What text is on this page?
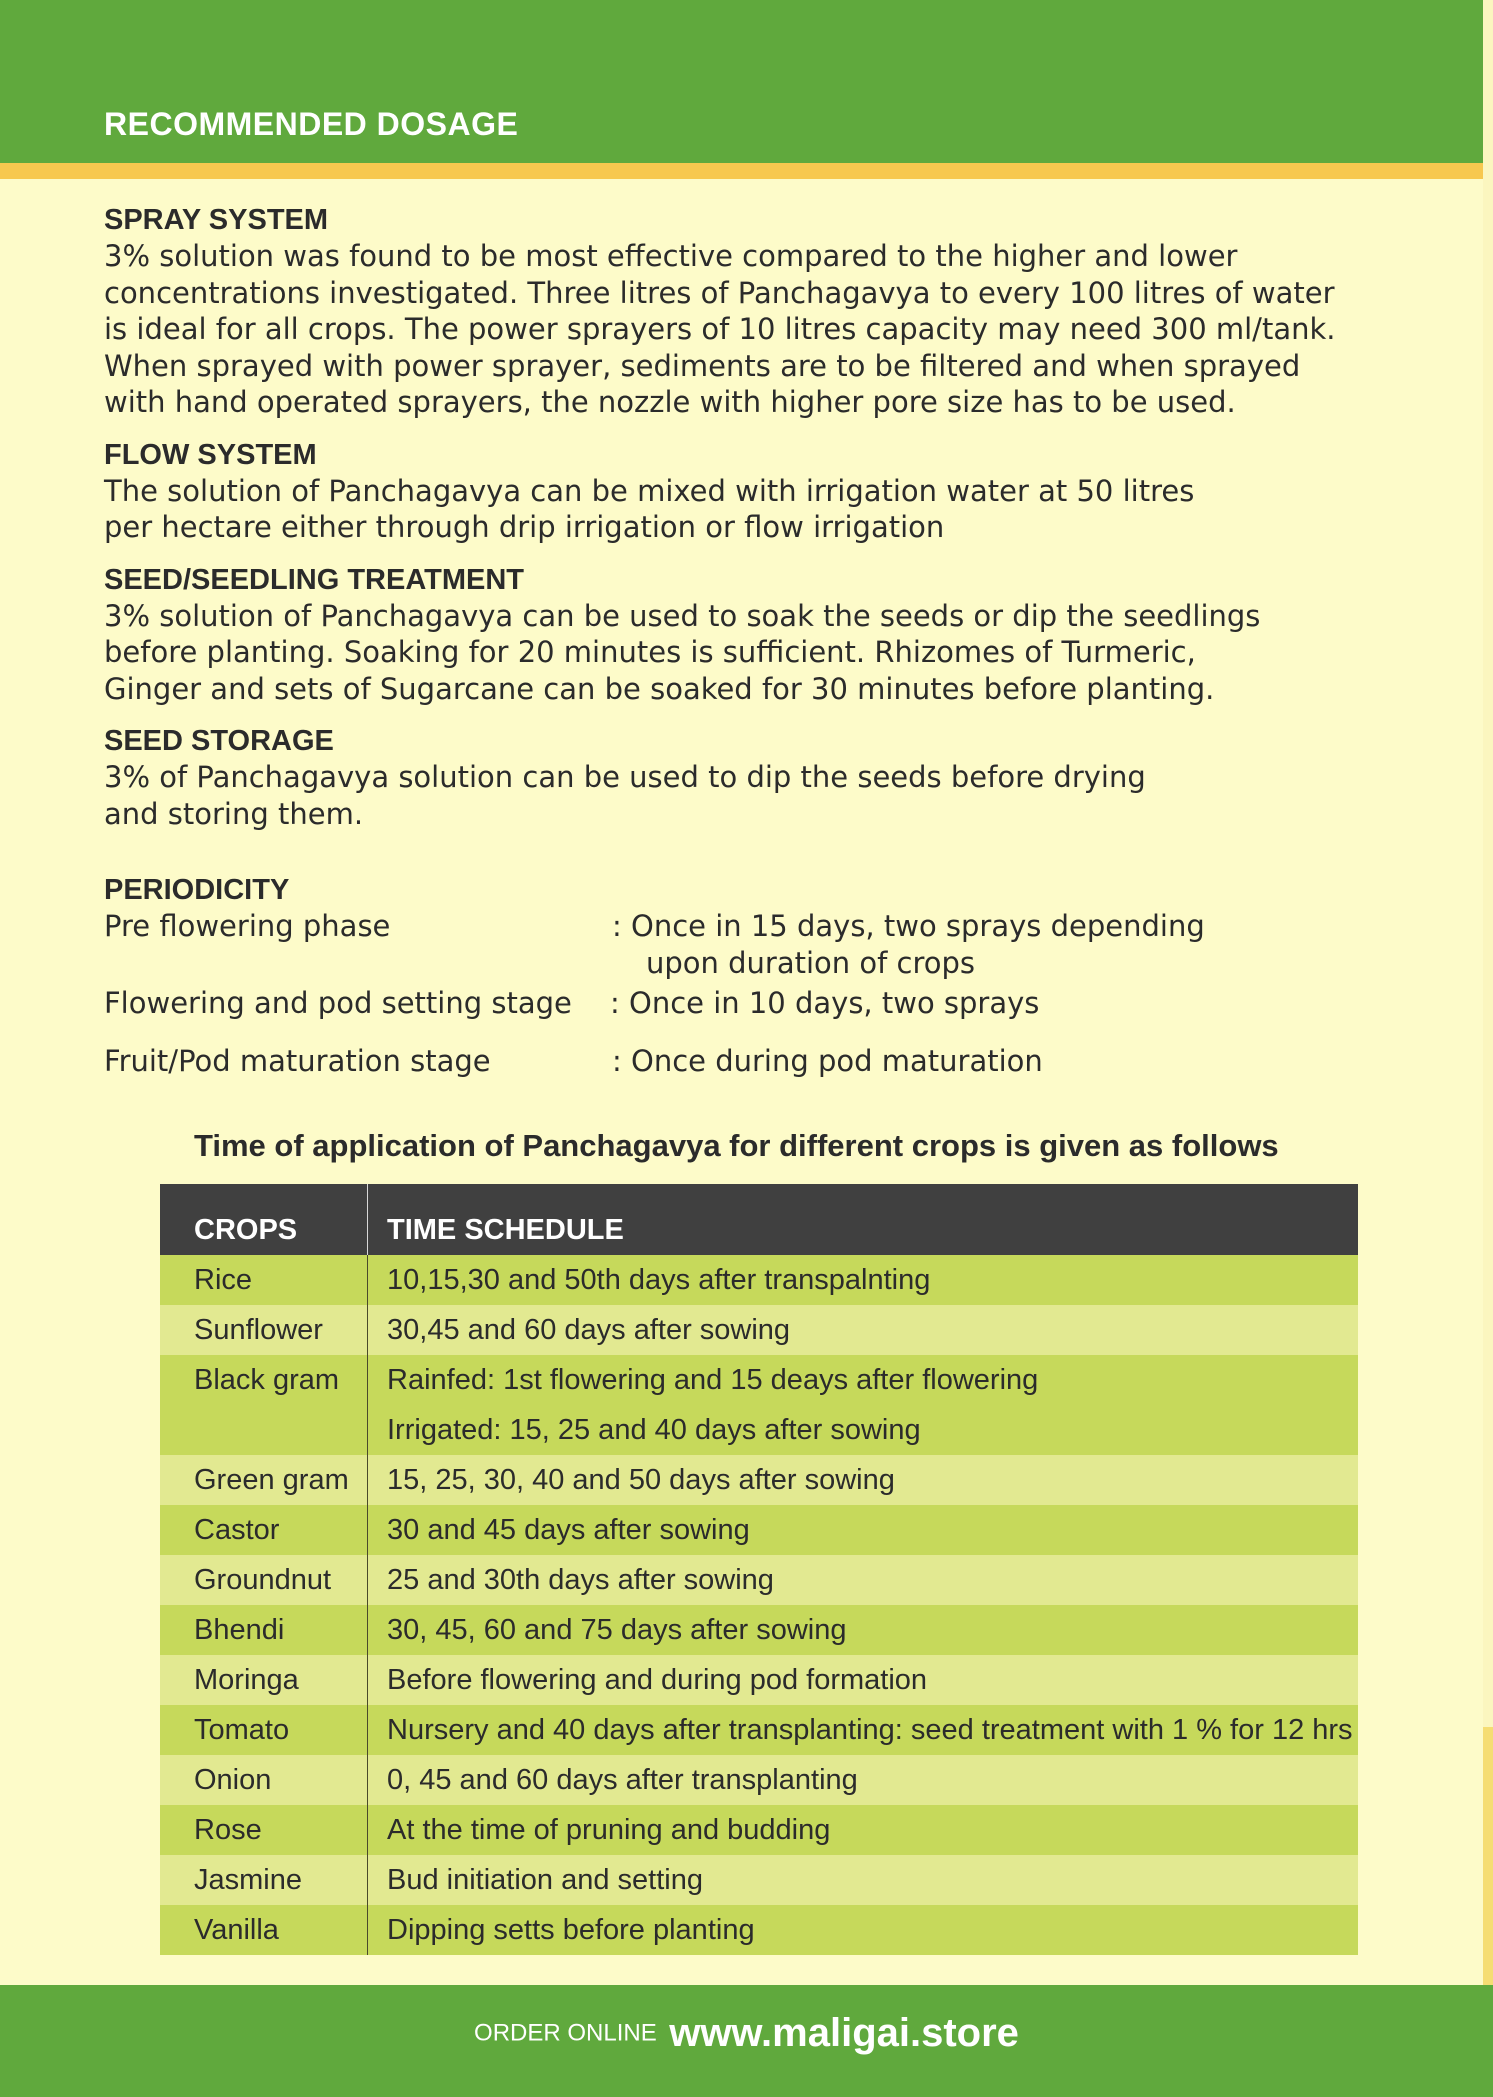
RECOMMENDED DOSAGE
SPRAY SYSTEM
3% solution was found to be most effective compared to the higher and lower
concentrations investigated. Three litres of Panchagavya to every 100 litres of water
is ideal for all crops. The power sprayers of 10 litres capacity may need 300 ml/tank.
When sprayed with power sprayer, sediments are to be filtered and when sprayed
with hand operated sprayers, the nozzle with higher pore size has to be used.
FLOW SYSTEM
The solution of Panchagavya can be mixed with irrigation water at 50 litres
per hectare either through drip irrigation or flow irrigation
SEED/SEEDLING TREATMENT
3% solution of Panchagavya can be used to soak the seeds or dip the seedlings
before planting. Soaking for 20 minutes is sufficient. Rhizomes of Turmeric,
Ginger and sets of Sugarcane can be soaked for 30 minutes before planting.
SEED STORAGE
3% of Panchagavya solution can be used to dip the seeds before drying
and storing them.
PERIODICITY
Pre flowering phase	: Once in 15 days, two sprays depending
upon duration of crops
Flowering and pod setting stage : Once in 10 days, two sprays
Fruit/Pod maturation stage	: Once during pod maturation
Time of application of Panchagavya for different crops is given as follows
CROPS	TIME SCHEDULE
Rice	10,15,30 and 50th days after transpalnting
Sunflower	30,45 and 60 days after sowing

Black gram	Rainfed: 1st flowering and 15 deays after flowering
Irrigated: 15, 25 and 40 days after sowing

Green gram	15, 25, 30, 40 and 50 days after sowing
Castor	30 and 45 days after sowing
Groundnut	25 and 30th days after sowing
Bhendi	30, 45, 60 and 75 days after sowing
Moringa	Before flowering and during pod formation
Tomato	Nursery and 40 days after transplanting: seed treatment with 1 % for 12 hrs
Onion	0, 45 and 60 days after transplanting
Rose	At the time of pruning and budding
Jasmine	Bud initiation and setting
Vanilla	Dipping setts before planting
ORDER ONLINE www.maligai.store
